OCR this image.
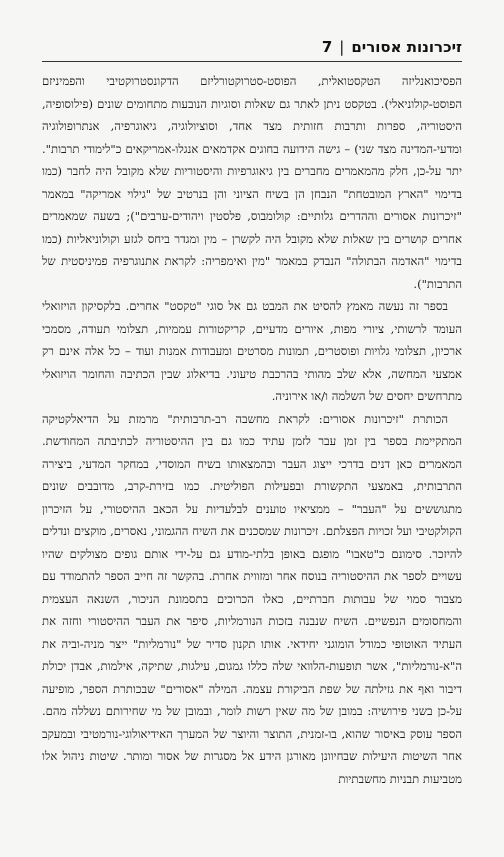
זיכרונות אסורים
|
7

הפסיכואנליזה הטקסטואלית, הפוסט-סטרוקטורליזם הדקונסטרוקטיבי והפמיניזם הפוסט-קולוניאלי). בטקסט ניתן לאתר גם שאלות וסוגיות הנובעות מתחומים שונים (פילוסופיה, היסטוריה, ספרות ותרבות חזותית מצד אחד, וסוציולוגיה, גיאוגרפיה, אנתרופולוגיה ומדעי-המדינה מצד שני) – גישה הידועה בחוגים אקדמאים אנגלו-אמריקאים כ"לימודי תרבות". יתר על-כן, חלק מהמאמרים מחברים בין גיאוגרפיות והיסטוריות שלא מקובל היה לחבר (כמו בדימוי "הארץ המובטחת" הנבחן הן בשיח הציוני והן בנרטיב של "גילוי אמריקה" במאמר "זיכרונות אסורים וההדרים גלותיים: קולומבוס, פלסטין ויהודים-ערבים"); בשעה שמאמרים אחרים קושרים בין שאלות שלא מקובל היה לקשרן – מין ומגדר ביחס לגזע וקולוניאליות (כמו בדימוי "האדמה הבתולה" הנבדק במאמר "מין ואימפריה: לקראת אתנוגרפיה פמיניסטית של התרבות").

בספר זה נעשה מאמץ להסיט את המבט גם אל סוגי "טקסט" אחרים. בלקסיקון הויזואלי העומד לרשותי, ציורי מפות, איורים מדעיים, קריקטורות עממיות, תצלומי תעודה, מסמכי ארכיון, תצלומי גלויות ופוסטרים, תמונות מסרטים ומעבודות אמנות ועוד – כל אלה אינם רק אמצעי המחשה, אלא שלב מהותי בהרכבת טיעוני. בדיאלוג שבין הכתיבה והחומר הויזואלי מתרחשים יחסים של השלמה ו/או אירוניה.

הכותרת "זיכרונות אסורים: לקראת מחשבה רב-תרבותית" מרמזת על הדיאלקטיקה המתקיימת בספר בין זמן עבר לזמן עתיד כמו גם בין ההיסטוריה לכתיבתה המחודשת. המאמרים כאן דנים בדרכי ייצוג העבר ובהמצאותו בשיח המוסדי, במחקר המדעי, ביצירה התרבותית, באמצעי התקשורת ובפעילות הפוליטית. כמו בזירת-קרב, מדובבים שונים מתגוששים על "העבר" – ממציאיו טוענים לבלעדיות על הכאב ההיסטורי, על הזיכרון הקולקטיבי ועל זכויות הפצלתם. זיכרונות שמסכנים את השיח ההגמוני, נאסרים, מוקצים ונדלים להיזכר. סימונם כ"טאבו" מופגם באופן בלתי-מודע גם על-ידי אותם גופים מצולקים שהיו עשויים לספר את ההיסטוריה בנוסח אחר ומזווית אחרת. בהקשר זה חייב הספר להתמודד עם מצבור סמוי של עבותות חברתיים, כאלו הכרוכים בתסמונת הניכור, השנאה העצמית והמחסומים הנפשיים. השיח שנבנה בזכות הנורמליות, סיפר את העבר ההיסטורי וחזה את העתיד האוטופי כמודל הומוגני יחידאי. אותו תקנון סדיר של "נורמליות" ייצר מניה-וביה את ה"א-נורמליות", אשר תופעות-הלוואי שלה כללו גמגום, עילגות, שתיקה, אילמות, אבדן יכולת דיבור ואף את גזילתה של שפת הביקורת עצמה. המילה "אסורים" שבכותרת הספר, מופיעה על-כן בשני פירושיה: במובן של מה שאין רשות לומר, ובמובן של מי שחירותם נשללה מהם. הספר עוסק באיסור שהוא, בו-זמנית, התוצר והיוצר של המערך האידיאולוגי-נורמטיבי ובמעקב אחר השיטות היעילות שבחיוונן מאורגן הידע אל מסגרות של אסור ומותר. שיטות ניהול אלו מטביעות תבניות מחשבתיות
